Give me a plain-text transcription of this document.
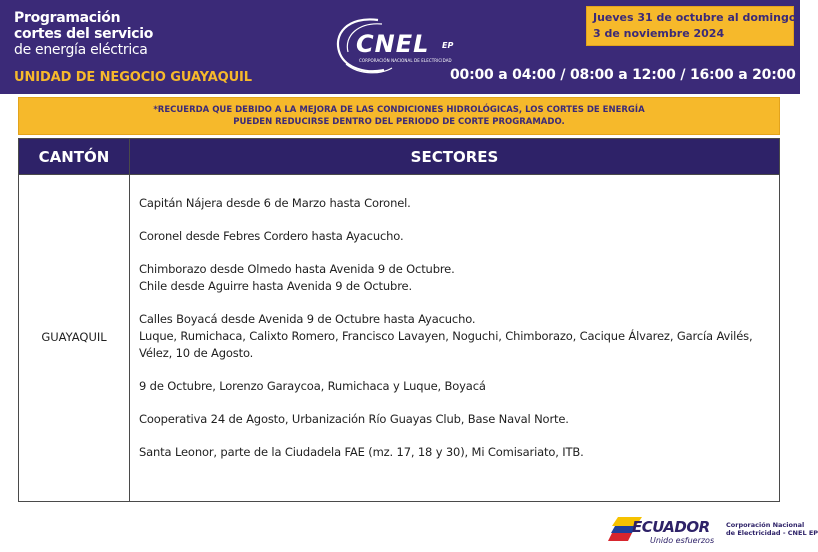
Programación
cortes del servicio
de energía eléctrica
UNIDAD DE NEGOCIO GUAYAQUIL
CNEL EP
CORPORACIÓN NACIONAL DE ELECTRICIDAD
Jueves 31 de octubre al domingo
3 de noviembre 2024
00:00 a 04:00 / 08:00 a 12:00 / 16:00 a 20:00
*RECUERDA QUE DEBIDO A LA MEJORA DE LAS CONDICIONES HIDROLÓGICAS, LOS CORTES DE ENERGÍA
PUEDEN REDUCIRSE DENTRO DEL PERIODO DE CORTE PROGRAMADO.
CANTÓN	SECTORES
GUAYAQUIL
Capitán Nájera desde 6 de Marzo hasta Coronel.
Coronel desde Febres Cordero hasta Ayacucho.
Chimborazo desde Olmedo hasta Avenida 9 de Octubre.
Chile desde Aguirre hasta Avenida 9 de Octubre.
Calles Boyacá desde Avenida 9 de Octubre hasta Ayacucho.
Luque, Rumichaca, Calixto Romero, Francisco Lavayen, Noguchi, Chimborazo, Cacique Álvarez, García Avilés,
Vélez, 10 de Agosto.
9 de Octubre, Lorenzo Garaycoa, Rumichaca y Luque, Boyacá
Cooperativa 24 de Agosto, Urbanización Río Guayas Club, Base Naval Norte.
Santa Leonor, parte de la Ciudadela FAE (mz. 17, 18 y 30), Mi Comisariato, ITB.
ECUADOR
Unido esfuerzos
Corporación Nacional
de Electricidad - CNEL EP
